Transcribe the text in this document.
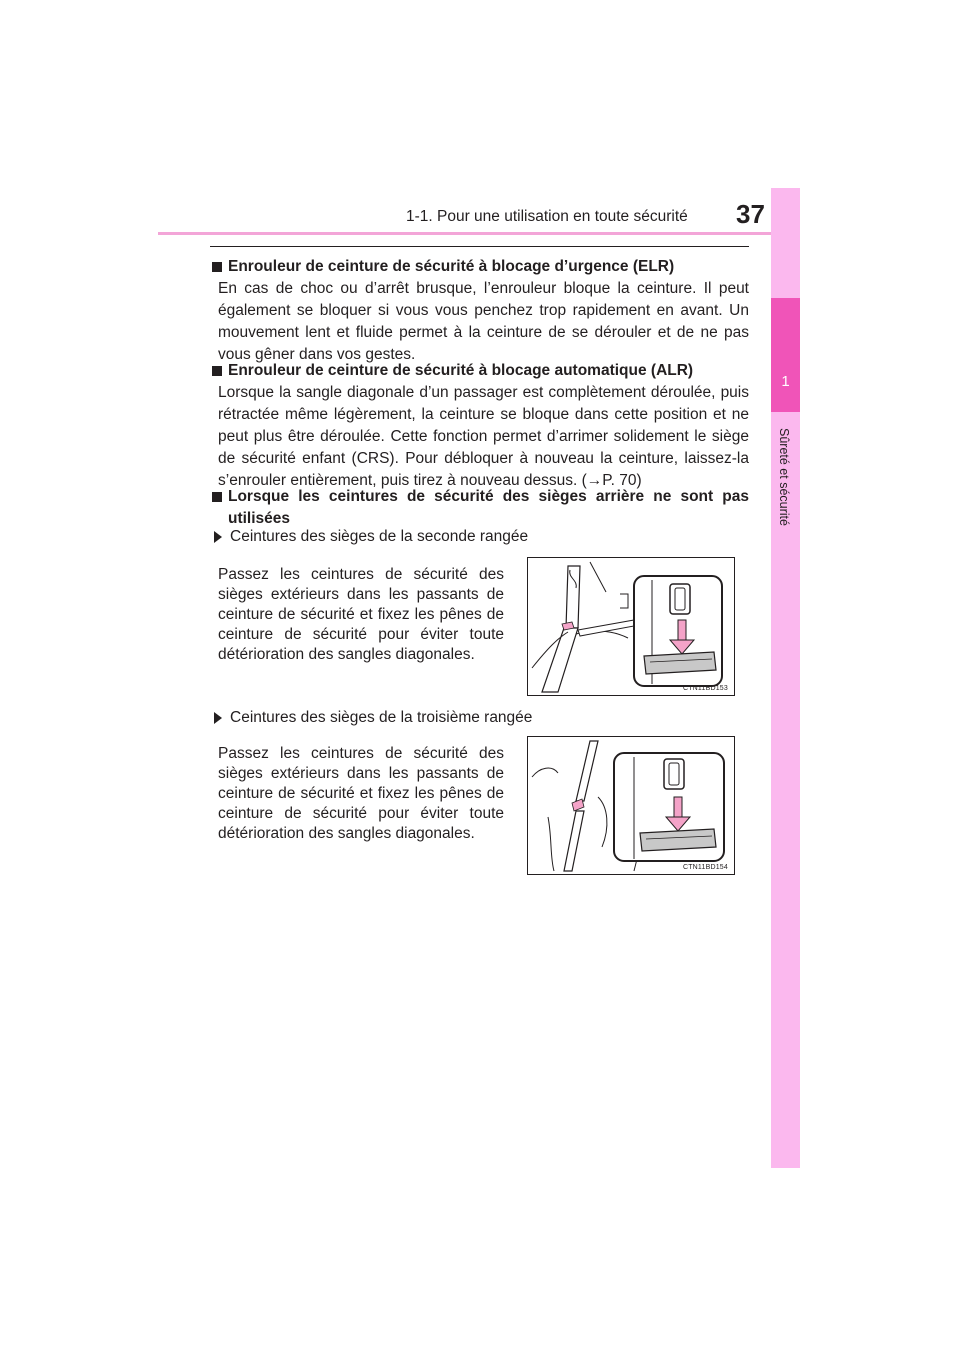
1-1. Pour une utilisation en toute sécurité 37
1
Sûreté et sécurité
Enrouleur de ceinture de sécurité à blocage d’urgence (ELR)
En cas de choc ou d’arrêt brusque, l’enrouleur bloque la ceinture. Il peut également se bloquer si vous vous penchez trop rapidement en avant. Un mouvement lent et fluide permet à la ceinture de se dérouler et de ne pas vous gêner dans vos gestes.
Enrouleur de ceinture de sécurité à blocage automatique (ALR)
Lorsque la sangle diagonale d’un passager est complètement déroulée, puis rétractée même légèrement, la ceinture se bloque dans cette position et ne peut plus être déroulée. Cette fonction permet d’arrimer solidement le siège de sécurité enfant (CRS). Pour débloquer à nouveau la ceinture, laissez-la s’enrouler entièrement, puis tirez à nouveau dessus. (→P. 70)
Lorsque les ceintures de sécurité des sièges arrière ne sont pas utilisées
Ceintures des sièges de la seconde rangée
Passez les ceintures de sécurité des sièges extérieurs dans les passants de ceinture de sécurité et fixez les pênes de ceinture de sécurité pour éviter toute détérioration des sangles diagonales.
CTN11BD153
Ceintures des sièges de la troisième rangée
Passez les ceintures de sécurité des sièges extérieurs dans les passants de ceinture de sécurité et fixez les pênes de ceinture de sécurité pour éviter toute détérioration des sangles diagonales.
CTN11BD154
